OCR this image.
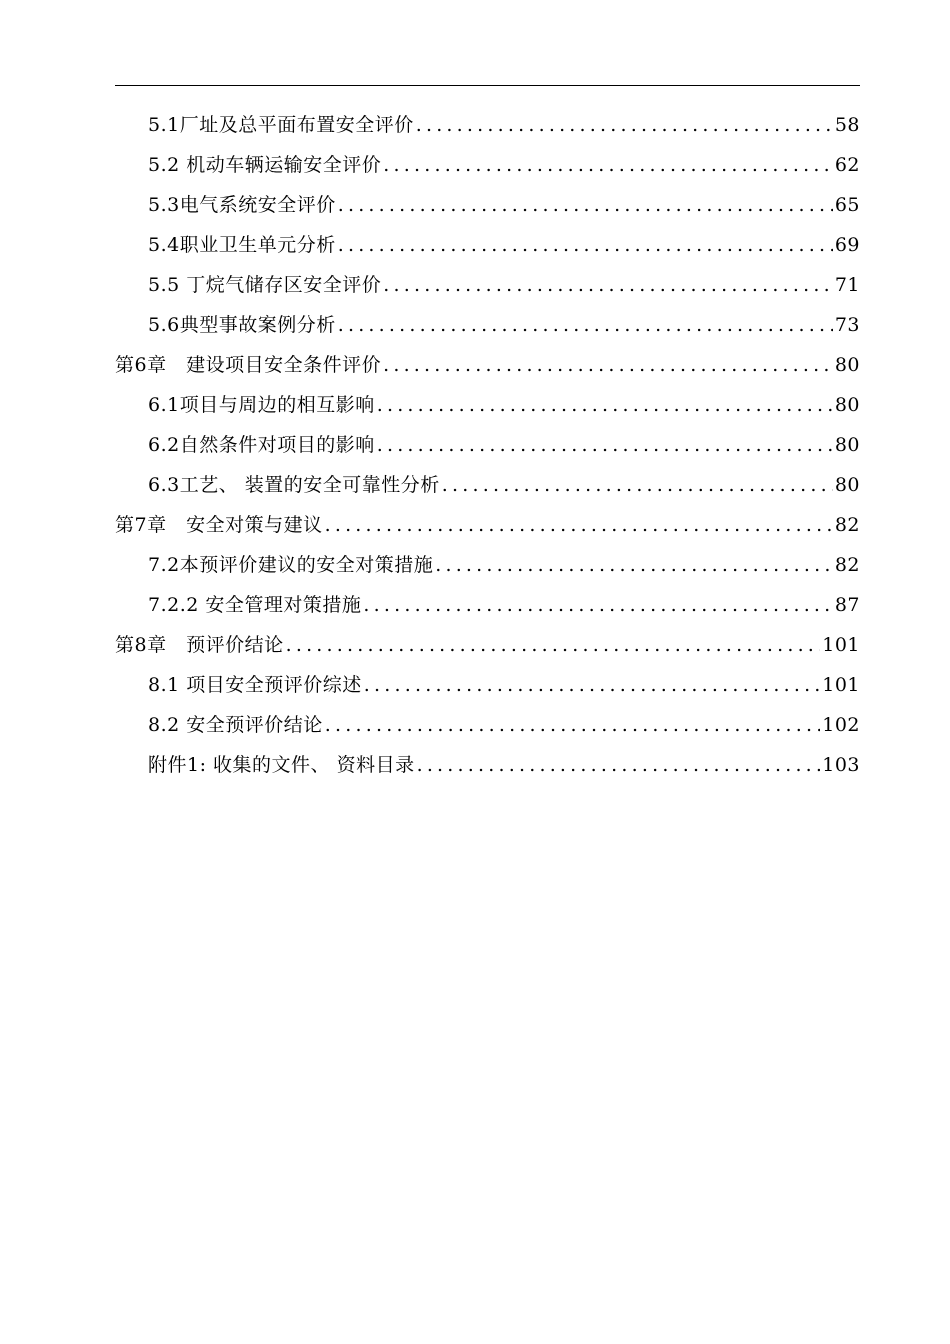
5.1厂址及总平面布置安全评价 .....	58
5.2 机动车辆运输安全评价 .....	62
5.3电气系统安全评价 .....	65
5.4职业卫生单元分析 .....	69
5.5 丁烷气储存区安全评价 .....	71
5.6典型事故案例分析 .....	73
第6章　建设项目安全条件评价 .....	80
6.1项目与周边的相互影响 .....	80
6.2自然条件对项目的影响 .....	80
6.3工艺、 装置的安全可靠性分析 .....	80
第7章　安全对策与建议 .....	82
7.2本预评价建议的安全对策措施 .....	82
7.2.2 安全管理对策措施 .....	87
第8章　预评价结论 .....	101
8.1 项目安全预评价综述 .....	101
8.2 安全预评价结论 .....	102
附件1: 收集的文件、 资料目录 .....	103
